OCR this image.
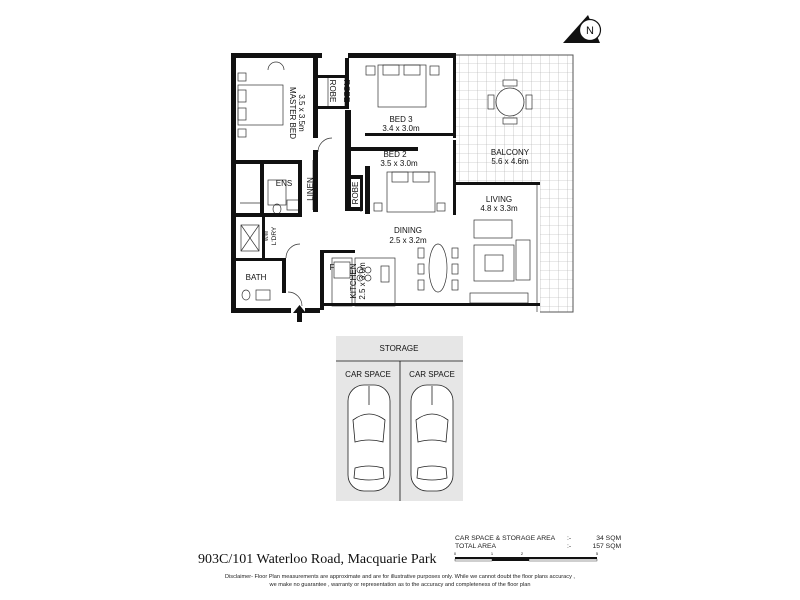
N
MASTER BED 3.5 x 3.5m
ROBE ROBE
BED 3
3.4 x 3.0m
BED 2
3.5 x 3.0m
BALCONY
5.6 x 4.6m
ENS LINEN	ROBE	LIVING
4.8 x 3.3m
W/M L'DRY	DINING
2.5 x 3.2m
BATH
F KITCHEN 2.5 x 3.0m
STORAGE
CAR SPACE CAR SPACE
0	1	2	5
CAR SPACE & STORAGE AREA :-	34 SQM
TOTAL AREA	:-	157 SQM
903C/101 Waterloo Road, Macquarie Park
Disclaimer- Floor Plan measurements are approximate and are for illustrative purposes only. While we cannot doubt the floor plans accuracy ,
we make no guarantee , warranty or representation as to the accuracy and completeness of the floor plan
